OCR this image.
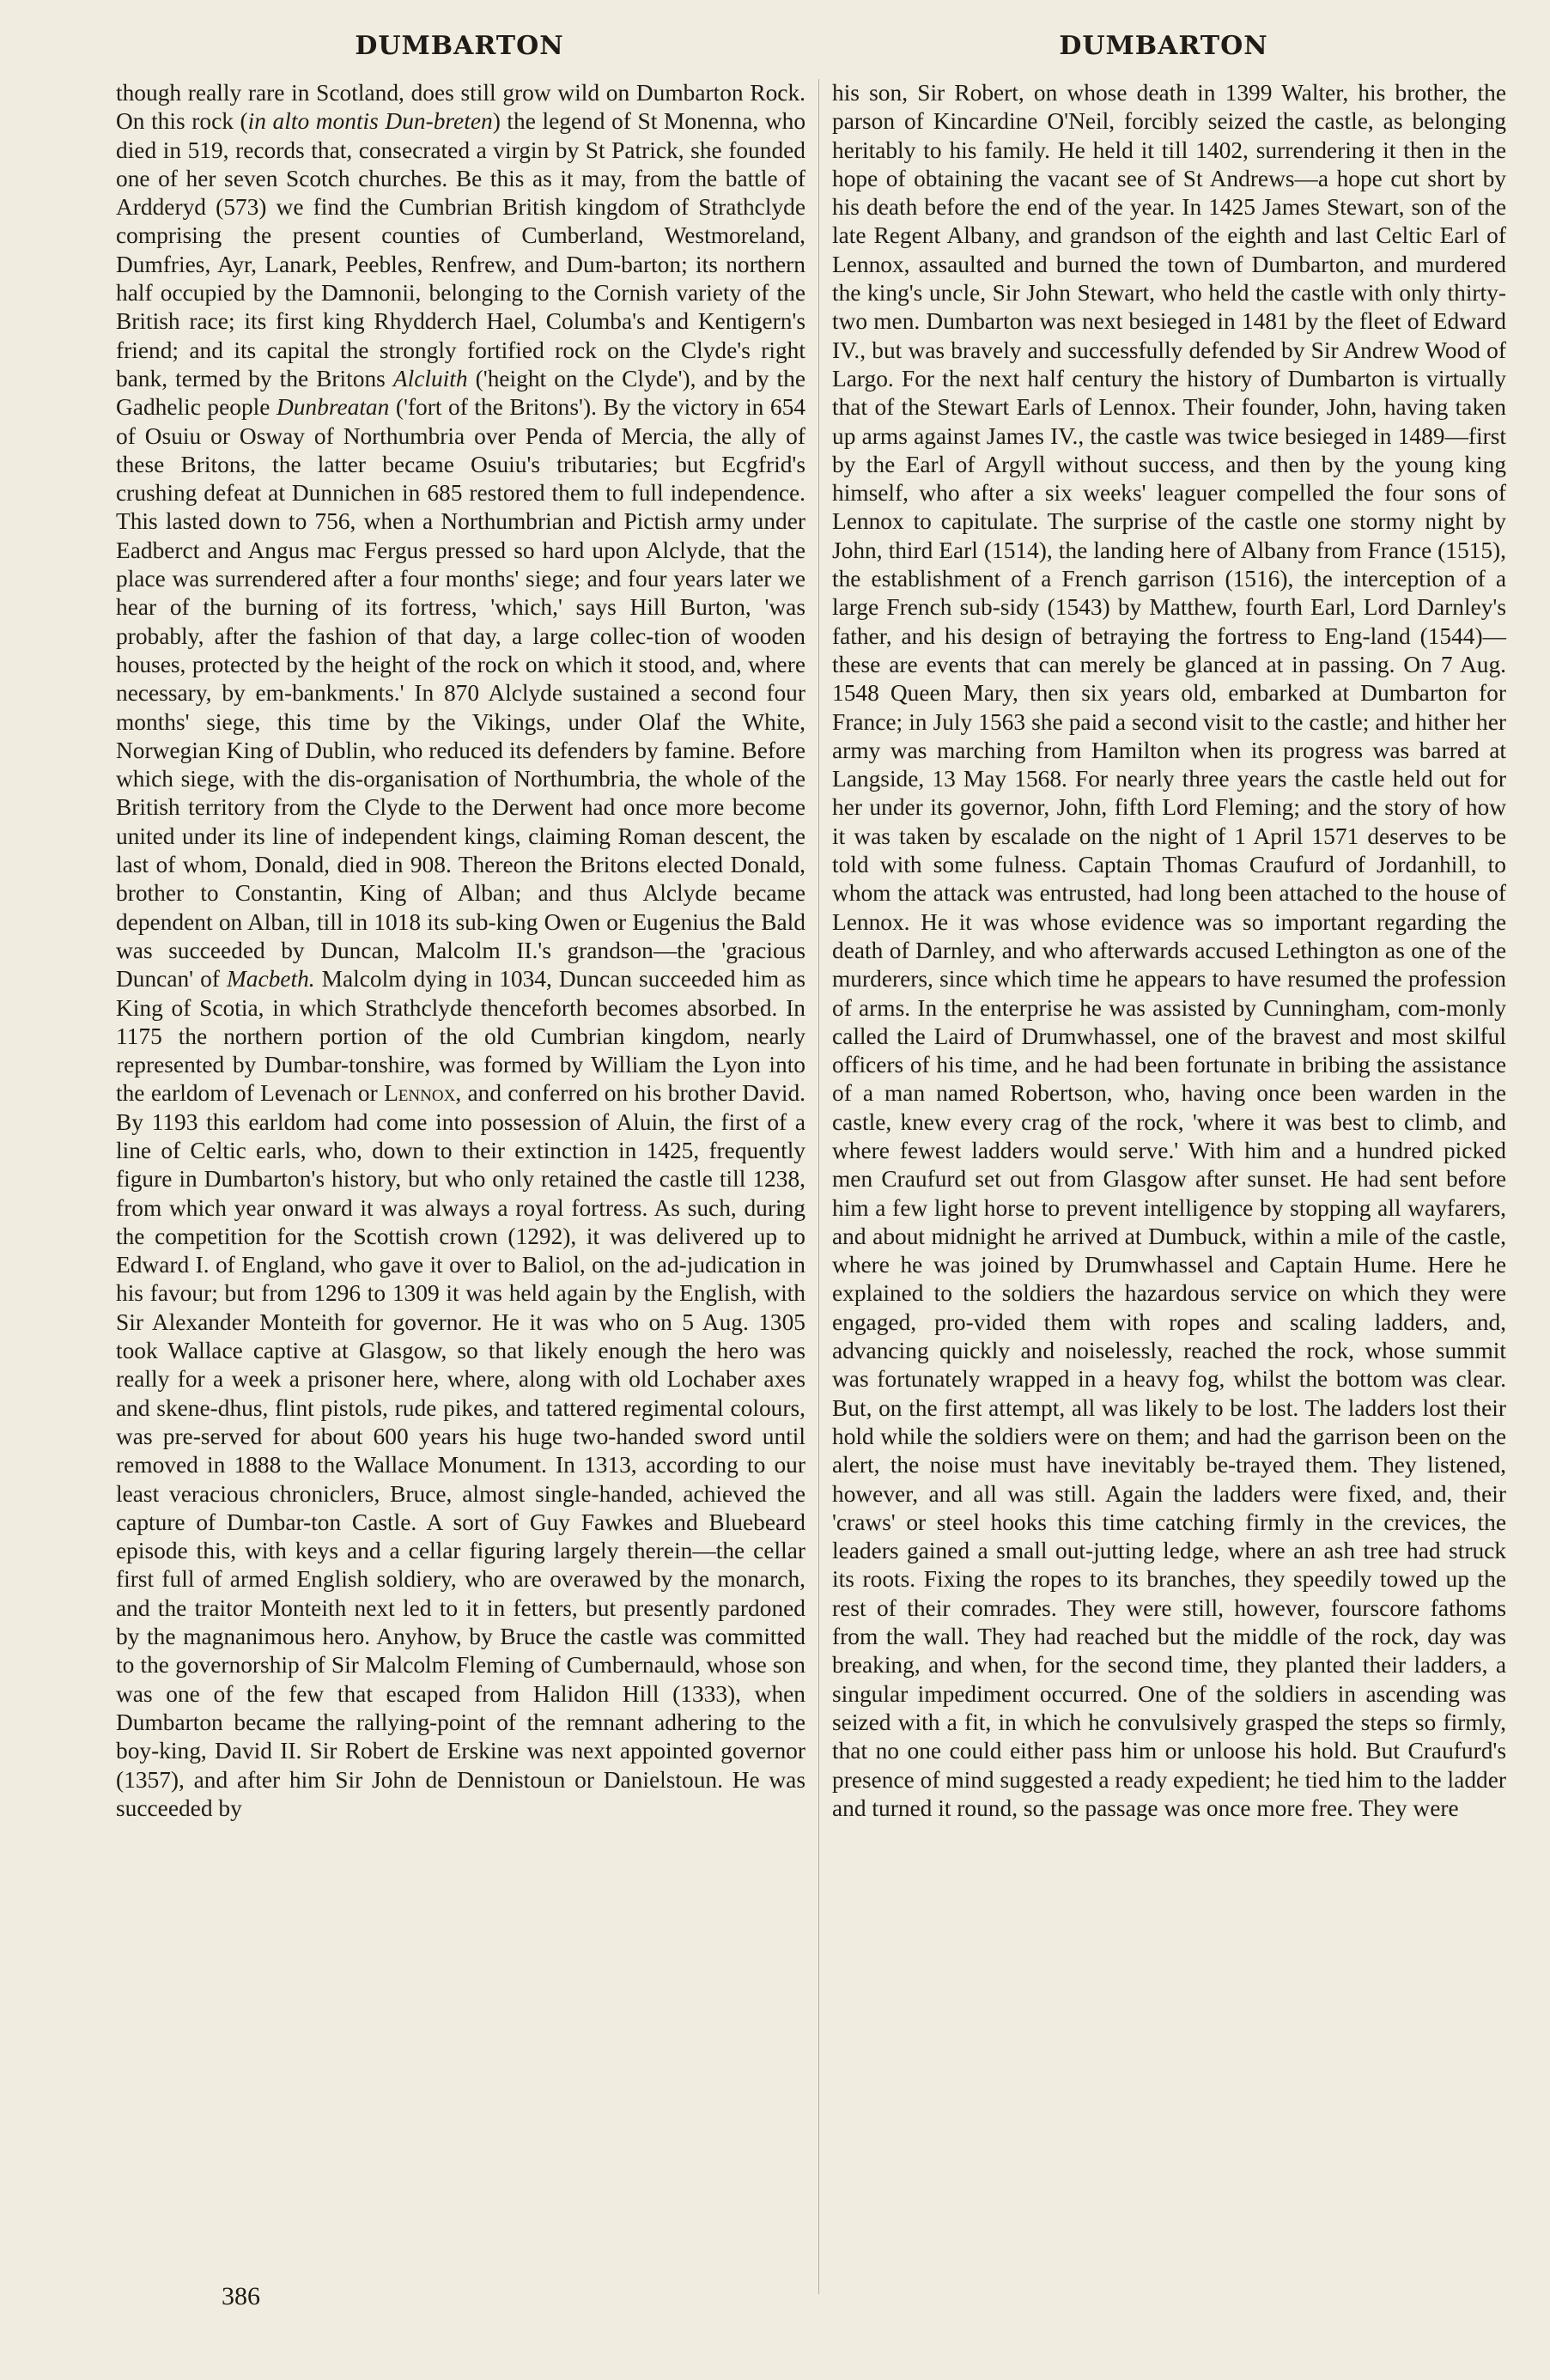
DUMBARTON	DUMBARTON

though really rare in Scotland, does still grow wild on Dumbarton Rock. On this rock (in alto montis Dun-breten) the legend of St Monenna, who died in 519, records that, consecrated a virgin by St Patrick, she founded one of her seven Scotch churches. Be this as it may, from the battle of Ardderyd (573) we find the Cumbrian British kingdom of Strathclyde comprising the present counties of Cumberland, Westmoreland, Dumfries, Ayr, Lanark, Peebles, Renfrew, and Dum-barton; its northern half occupied by the Damnonii, belonging to the Cornish variety of the British race; its first king Rhydderch Hael, Columba's and Kentigern's friend; and its capital the strongly fortified rock on the Clyde's right bank, termed by the Britons Alcluith ('height on the Clyde'), and by the Gadhelic people Dunbreatan ('fort of the Britons'). By the victory in 654 of Osuiu or Osway of Northumbria over Penda of Mercia, the ally of these Britons, the latter became Osuiu's tributaries; but Ecgfrid's crushing defeat at Dunnichen in 685 restored them to full independence. This lasted down to 756, when a Northumbrian and Pictish army under Eadberct and Angus mac Fergus pressed so hard upon Alclyde, that the place was surrendered after a four months' siege; and four years later we hear of the burning of its fortress, 'which,' says Hill Burton, 'was probably, after the fashion of that day, a large collec-tion of wooden houses, protected by the height of the rock on which it stood, and, where necessary, by em-bankments.' In 870 Alclyde sustained a second four months' siege, this time by the Vikings, under Olaf the White, Norwegian King of Dublin, who reduced its defenders by famine. Before which siege, with the dis-organisation of Northumbria, the whole of the British territory from the Clyde to the Derwent had once more become united under its line of independent kings, claiming Roman descent, the last of whom, Donald, died in 908. Thereon the Britons elected Donald, brother to Constantin, King of Alban; and thus Alclyde became dependent on Alban, till in 1018 its sub-king Owen or Eugenius the Bald was succeeded by Duncan, Malcolm II.'s grandson—the 'gracious Duncan' of Macbeth. Malcolm dying in 1034, Duncan succeeded him as King of Scotia, in which Strathclyde thenceforth becomes absorbed. In 1175 the northern portion of the old Cumbrian kingdom, nearly represented by Dumbar-tonshire, was formed by William the Lyon into the earldom of Levenach or Lennox, and conferred on his brother David. By 1193 this earldom had come into possession of Aluin, the first of a line of Celtic earls, who, down to their extinction in 1425, frequently figure in Dumbarton's history, but who only retained the castle till 1238, from which year onward it was always a royal fortress. As such, during the competition for the Scottish crown (1292), it was delivered up to Edward I. of England, who gave it over to Baliol, on the ad-judication in his favour; but from 1296 to 1309 it was held again by the English, with Sir Alexander Monteith for governor. He it was who on 5 Aug. 1305 took Wallace captive at Glasgow, so that likely enough the hero was really for a week a prisoner here, where, along with old Lochaber axes and skene-dhus, flint pistols, rude pikes, and tattered regimental colours, was pre-served for about 600 years his huge two-handed sword until removed in 1888 to the Wallace Monument. In 1313, according to our least veracious chroniclers, Bruce, almost single-handed, achieved the capture of Dumbar-ton Castle. A sort of Guy Fawkes and Bluebeard episode this, with keys and a cellar figuring largely therein—the cellar first full of armed English soldiery, who are overawed by the monarch, and the traitor Monteith next led to it in fetters, but presently pardoned by the magnanimous hero. Anyhow, by Bruce the castle was committed to the governorship of Sir Malcolm Fleming of Cumbernauld, whose son was one of the few that escaped from Halidon Hill (1333), when Dumbarton became the rallying-point of the remnant adhering to the boy-king, David II. Sir Robert de Erskine was next appointed governor (1357), and after him Sir John de Dennistoun or Danielstoun. He was succeeded by

his son, Sir Robert, on whose death in 1399 Walter, his brother, the parson of Kincardine O'Neil, forcibly seized the castle, as belonging heritably to his family. He held it till 1402, surrendering it then in the hope of obtaining the vacant see of St Andrews—a hope cut short by his death before the end of the year. In 1425 James Stewart, son of the late Regent Albany, and grandson of the eighth and last Celtic Earl of Lennox, assaulted and burned the town of Dumbarton, and murdered the king's uncle, Sir John Stewart, who held the castle with only thirty-two men. Dumbarton was next besieged in 1481 by the fleet of Edward IV., but was bravely and successfully defended by Sir Andrew Wood of Largo. For the next half century the history of Dumbarton is virtually that of the Stewart Earls of Lennox. Their founder, John, having taken up arms against James IV., the castle was twice besieged in 1489—first by the Earl of Argyll without success, and then by the young king himself, who after a six weeks' leaguer compelled the four sons of Lennox to capitulate. The surprise of the castle one stormy night by John, third Earl (1514), the landing here of Albany from France (1515), the establishment of a French garrison (1516), the interception of a large French sub-sidy (1543) by Matthew, fourth Earl, Lord Darnley's father, and his design of betraying the fortress to Eng-land (1544)—these are events that can merely be glanced at in passing. On 7 Aug. 1548 Queen Mary, then six years old, embarked at Dumbarton for France; in July 1563 she paid a second visit to the castle; and hither her army was marching from Hamilton when its progress was barred at Langside, 13 May 1568. For nearly three years the castle held out for her under its governor, John, fifth Lord Fleming; and the story of how it was taken by escalade on the night of 1 April 1571 deserves to be told with some fulness. Captain Thomas Craufurd of Jordanhill, to whom the attack was entrusted, had long been attached to the house of Lennox. He it was whose evidence was so important regarding the death of Darnley, and who afterwards accused Lethington as one of the murderers, since which time he appears to have resumed the profession of arms. In the enterprise he was assisted by Cunningham, com-monly called the Laird of Drumwhassel, one of the bravest and most skilful officers of his time, and he had been fortunate in bribing the assistance of a man named Robertson, who, having once been warden in the castle, knew every crag of the rock, 'where it was best to climb, and where fewest ladders would serve.' With him and a hundred picked men Craufurd set out from Glasgow after sunset. He had sent before him a few light horse to prevent intelligence by stopping all wayfarers, and about midnight he arrived at Dumbuck, within a mile of the castle, where he was joined by Drumwhassel and Captain Hume. Here he explained to the soldiers the hazardous service on which they were engaged, pro-vided them with ropes and scaling ladders, and, advancing quickly and noiselessly, reached the rock, whose summit was fortunately wrapped in a heavy fog, whilst the bottom was clear. But, on the first attempt, all was likely to be lost. The ladders lost their hold while the soldiers were on them; and had the garrison been on the alert, the noise must have inevitably be-trayed them. They listened, however, and all was still. Again the ladders were fixed, and, their 'craws' or steel hooks this time catching firmly in the crevices, the leaders gained a small out-jutting ledge, where an ash tree had struck its roots. Fixing the ropes to its branches, they speedily towed up the rest of their comrades. They were still, however, fourscore fathoms from the wall. They had reached but the middle of the rock, day was breaking, and when, for the second time, they planted their ladders, a singular impediment occurred. One of the soldiers in ascending was seized with a fit, in which he convulsively grasped the steps so firmly, that no one could either pass him or unloose his hold. But Craufurd's presence of mind suggested a ready expedient; he tied him to the ladder and turned it round, so the passage was once more free. They were

386
